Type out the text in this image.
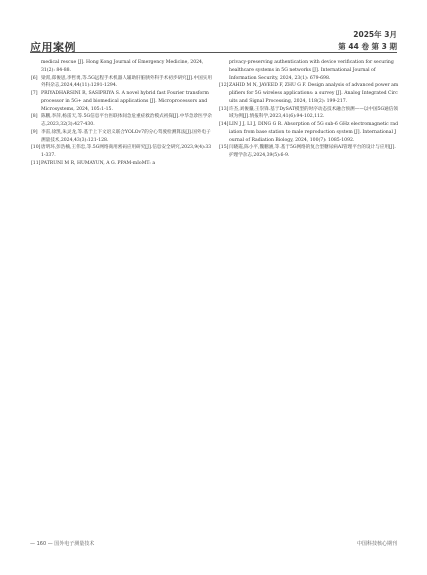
应用案例
2025年 3月
第 44 卷 第 3 期

medical rescue [J]. Hong Kong Journal of Emergency Medicine, 2024, 31(2): 84-88.

[6] 梁霄,郑俊思,李哲勇,等.5G远程手术机器人辅助肝脏胰外科手术初步研究[J].中国实用外科杂志,2024,44(11):1291-1294.
[7] PRIYADHARSINI R, SASIPRIYA S. A novel hybrid fast Fourier transform processor in 5G+ and biomedical applications [J]. Microprocessors and Microsystems, 2024, 105:1-15.
[8] 陈鹏,李萍,杨雷天,等.5G信息平台医联体间急危重症救治模式初探[J].中华急诊医学杂志,2023,32(3):427-430.
[9] 李雷,徐凯,朱灵龙,等.基于上下文语义联合YOLOv7的分心驾驶检测算法[J].国外电子测量技术,2024,43(3):121-128.
[10] 唐明环,彭浩楠,王伟忠,等.5G网络商用密码应用研究[J].信息安全研究,2023,9(4):331-337.
[11] PATRUNI M R, HUMAYUN, A G. PPAM-mIoMT: a

privacy-preserving authentication with device verification for securing healthcare systems in 5G networks [J]. International Journal of Information Security, 2024, 23(1): 679-698.

[12] ZAHID M N, JAVEED F, ZHU G F. Design analysis of advanced power amplifiers for 5G wireless applications: a survey [J]. Analog Integrated Circuits and Signal Processing, 2024, 118(2): 199-217.
[13] 许杰,刘俊骧,王崇锋.基于DySAT模型的时序动态技术融合预测——以中国5G通信领域为例[J].情报科学,2023,41(6):94-102,112.
[14] LIN J J, LI J, DING G R. Absorption of 5G sub-6 GHz electromagnetic radiation from base station to male reproduction system [J]. International Journal of Radiation Biology, 2024, 100(7): 1085-1092.
[15] 闫晓霞,陈小平,魏鹏涵,等.基于5G网络的复合型糖尿病AI管理平台的设计与应用[J].护理学杂志,2024,39(5):6-9.
— 160 — 国外电子测量技术	中国科技核心期刊
